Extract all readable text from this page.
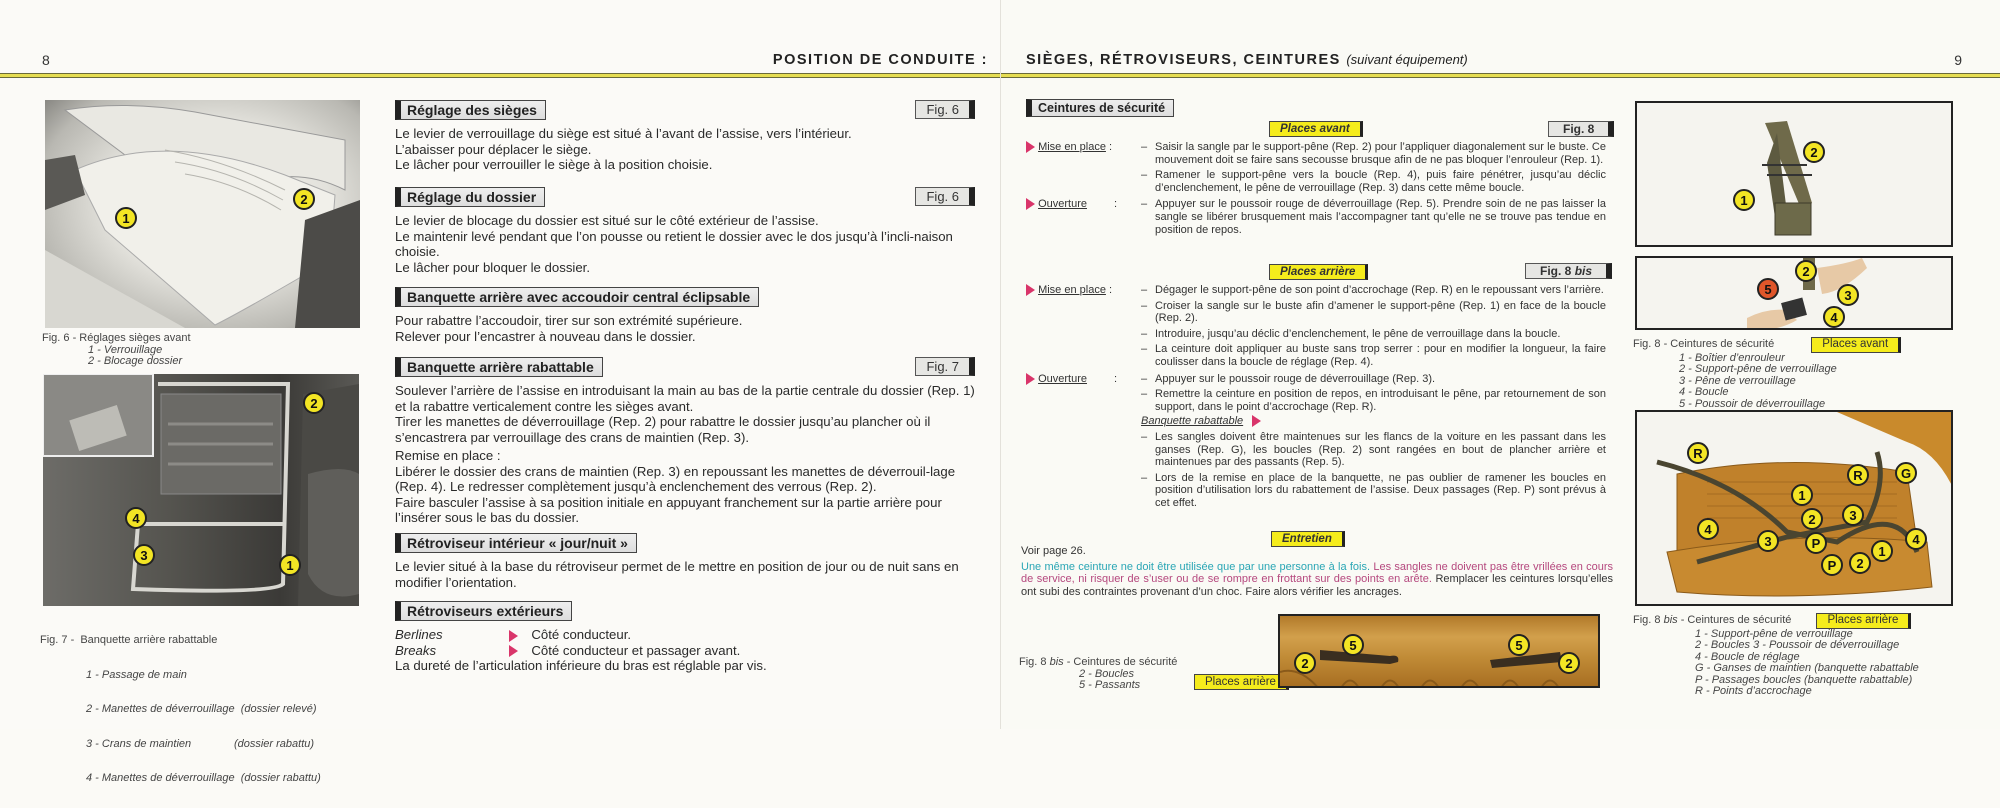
8	POSITION DE CONDUITE :
1
2
Fig. 6 - Réglages sièges avant
1 - Verrouillage
2 - Blocage dossier
2
4
3
1

Fig. 7 -  Banquette arrière rabattable

1 - Passage de main

2 - Manettes de déverrouillage  (dossier relevé)

3 - Crans de maintien              (dossier rabattu)

4 - Manettes de déverrouillage  (dossier rabattu)

Réglage des sièges	Fig. 6
Le levier de verrouillage du siège est situé à l’avant de l’assise, vers l’intérieur.
L’abaisser pour déplacer le siège.
Le lâcher pour verrouiller le siège à la position choisie.
Réglage du dossier	Fig. 6
Le levier de blocage du dossier est situé sur le côté extérieur de l’assise.
Le maintenir levé pendant que l’on pousse ou retient le dossier avec le dos jusqu’à l’incli-naison choisie.
Le lâcher pour bloquer le dossier.
Banquette arrière avec accoudoir central éclipsable
Pour rabattre l’accoudoir, tirer sur son extrémité supérieure.
Relever pour l’encastrer à nouveau dans le dossier.
Banquette arrière rabattable	Fig. 7
Soulever l’arrière de l’assise en introduisant la main au bas de la partie centrale du dossier (Rep. 1) et la rabattre verticalement contre les sièges avant.
Tirer les manettes de déverrouillage (Rep. 2) pour rabattre le dossier jusqu’au plancher où il s’encastrera par verrouillage des crans de maintien (Rep. 3).
Remise en place :
Libérer le dossier des crans de maintien (Rep. 3) en repoussant les manettes de déverrouil-lage (Rep. 4). Le redresser complètement jusqu’à enclenchement des verrous (Rep. 2).
Faire basculer l’assise à sa position initiale en appuyant franchement sur la partie arrière pour l’insérer sous le bas du dossier.
Rétroviseur intérieur « jour/nuit »
Le levier situé à la base du rétroviseur permet de le mettre en position de jour ou de nuit sans en modifier l’orientation.
Rétroviseurs extérieurs
Berlines	Côté conducteur.
Breaks	Côté conducteur et passager avant.
La dureté de l’articulation inférieure du bras est réglable par vis.
SIÈGES, RÉTROVISEURS, CEINTURES (suivant équipement)	9
Ceintures de sécurité
Places avant	Fig. 8
Mise en place :	– Saisir la sangle par le support-pêne (Rep. 2) pour l’appliquer diagonalement sur le buste. Ce mouvement doit se faire sans secousse brusque afin de ne pas bloquer l’enrouleur (Rep. 1).
– Ramener le support-pêne vers la boucle (Rep. 4), puis faire pénétrer, jusqu’au déclic d’enclenchement, le pêne de verrouillage (Rep. 3) dans cette même boucle.
Ouverture :	– Appuyer sur le poussoir rouge de déverrouillage (Rep. 5). Prendre soin de ne pas laisser la sangle se libérer brusquement mais l’accompagner tant qu’elle ne se trouve pas tendue en position de repos.
Places arrière	Fig. 8 bis
Mise en place :	– Dégager le support-pêne de son point d’accrochage (Rep. R) en le repoussant vers l’arrière.
– Croiser la sangle sur le buste afin d’amener le support-pêne (Rep. 1) en face de la boucle (Rep. 2).
– Introduire, jusqu’au déclic d’enclenchement, le pêne de verrouillage dans la boucle.
– La ceinture doit appliquer au buste sans trop serrer : pour en modifier la longueur, la faire coulisser dans la boucle de réglage (Rep. 4).
Ouverture :	– Appuyer sur le poussoir rouge de déverrouillage (Rep. 3).
– Remettre la ceinture en position de repos, en introduisant le pêne, par retournement de son support, dans le point d’accrochage (Rep. R).
Banquette rabattable
– Les sangles doivent être maintenues sur les flancs de la voiture en les passant dans les ganses (Rep. G), les boucles (Rep. 2) sont rangées en bout de plancher arrière et maintenues par des passants (Rep. 5).
– Lors de la remise en place de la banquette, ne pas oublier de ramener les boucles en position d’utilisation lors du rabattement de l’assise. Deux passages (Rep. P) sont prévus à cet effet.
Entretien
Voir page 26.
Une même ceinture ne doit être utilisée que par une personne à la fois. Les sangles ne doivent pas être vrillées en cours de service, ni risquer de s’user ou de se rompre en frottant sur des points en arête. Remplacer les ceintures lorsqu’elles ont subi des contraintes provenant d’un choc. Faire alors vérifier les ancrages.
Fig. 8 bis - Ceintures de sécurité
2 - Boucles
5 - Passants	Places arrière
2
5	5
2
2
1
2
5	3
4
Fig. 8 - Ceintures de sécurité	Places avant
1 - Boîtier d’enrouleur
2 - Support-pêne de verrouillage
3 - Pêne de verrouillage
4 - Boucle
5 - Poussoir de déverrouillage
R
R	G
1
2
3	P
4
3
1
2
P
4
Fig. 8 bis - Ceintures de sécurité	Places arrière
1 - Support-pêne de verrouillage
2 - Boucles 3 - Poussoir de déverrouillage
4 - Boucle de réglage
G - Ganses de maintien (banquette rabattable
P - Passages boucles (banquette rabattable)
R - Points d’accrochage
